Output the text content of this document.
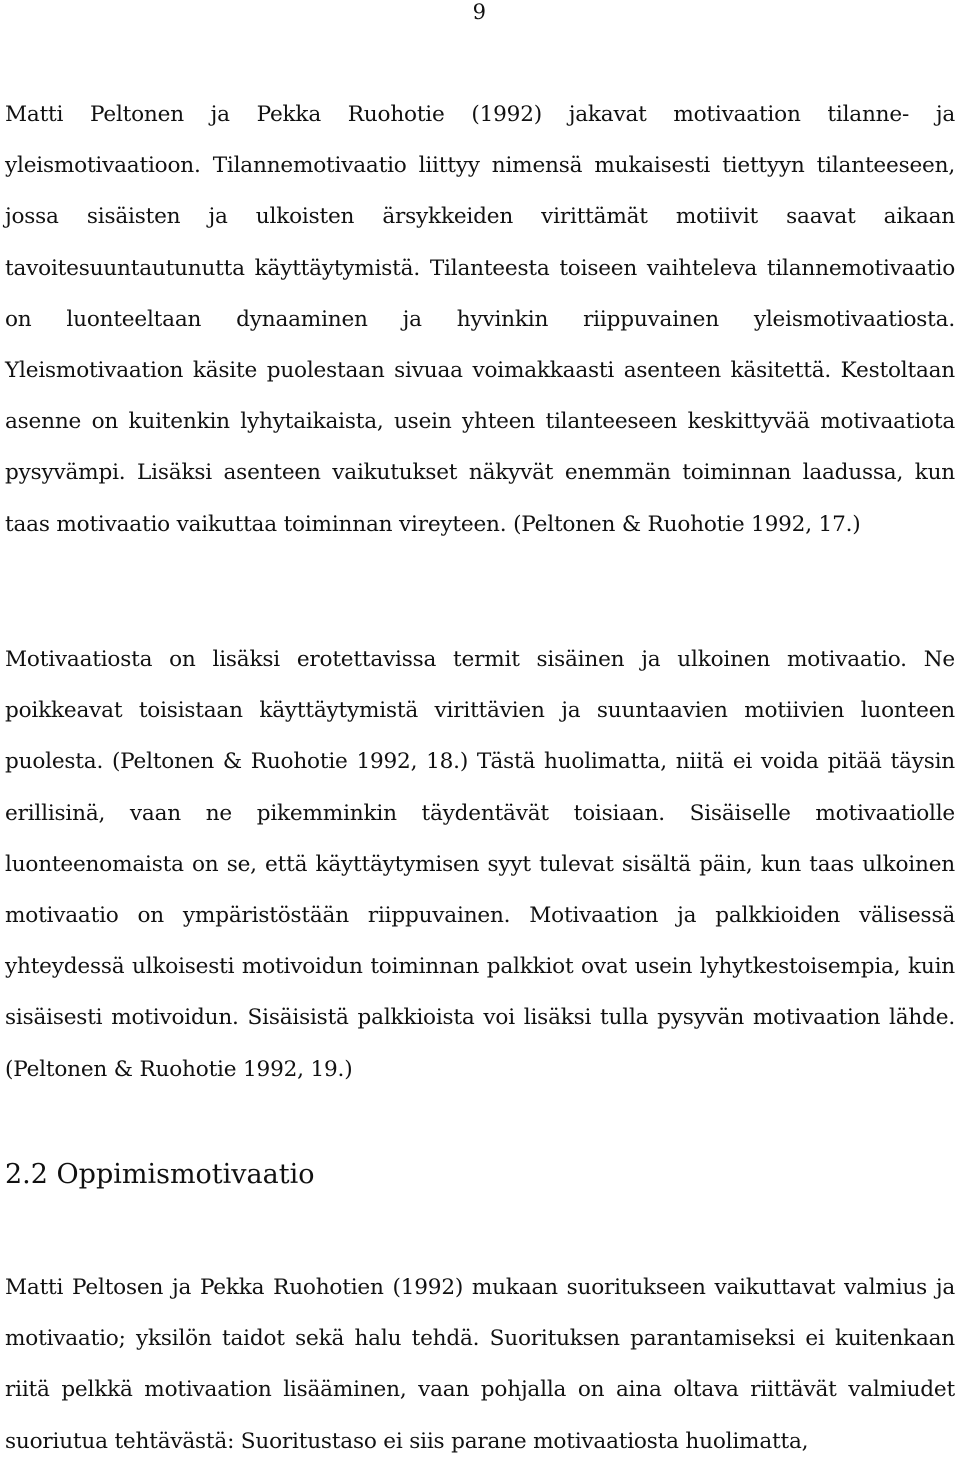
9

Matti Peltonen ja Pekka Ruohotie (1992) jakavat motivaation tilanne- ja yleismotivaatioon. Tilannemotivaatio liittyy nimensä mukaisesti tiettyyn tilanteeseen, jossa sisäisten ja ulkoisten ärsykkeiden virittämät motiivit saavat aikaan tavoitesuuntautunutta käyttäytymistä. Tilanteesta toiseen vaihteleva tilannemotivaatio on luonteeltaan dynaaminen ja hyvinkin riippuvainen yleismotivaatiosta. Yleismotivaation käsite puolestaan sivuaa voimakkaasti asenteen käsitettä. Kestoltaan asenne on kuitenkin lyhytaikaista, usein yhteen tilanteeseen keskittyvää motivaatiota pysyvämpi. Lisäksi asenteen vaikutukset näkyvät enemmän toiminnan laadussa, kun taas motivaatio vaikuttaa toiminnan vireyteen. (Peltonen & Ruohotie 1992, 17.)

Motivaatiosta on lisäksi erotettavissa termit sisäinen ja ulkoinen motivaatio. Ne poikkeavat toisistaan käyttäytymistä virittävien ja suuntaavien motiivien luonteen puolesta. (Peltonen & Ruohotie 1992, 18.) Tästä huolimatta, niitä ei voida pitää täysin erillisinä, vaan ne pikemminkin täydentävät toisiaan. Sisäiselle motivaatiolle luonteenomaista on se, että käyttäytymisen syyt tulevat sisältä päin, kun taas ulkoinen motivaatio on ympäristöstään riippuvainen. Motivaation ja palkkioiden välisessä yhteydessä ulkoisesti motivoidun toiminnan palkkiot ovat usein lyhytkestoisempia, kuin sisäisesti motivoidun. Sisäisistä palkkioista voi lisäksi tulla pysyvän motivaation lähde. (Peltonen & Ruohotie 1992, 19.)

2.2 Oppimismotivaatio

Matti Peltosen ja Pekka Ruohotien (1992) mukaan suoritukseen vaikuttavat valmius ja motivaatio; yksilön taidot sekä halu tehdä. Suorituksen parantamiseksi ei kuitenkaan riitä pelkkä motivaation lisääminen, vaan pohjalla on aina oltava riittävät valmiudet suoriutua tehtävästä: Suoritustaso ei siis parane motivaatiosta huolimatta,
